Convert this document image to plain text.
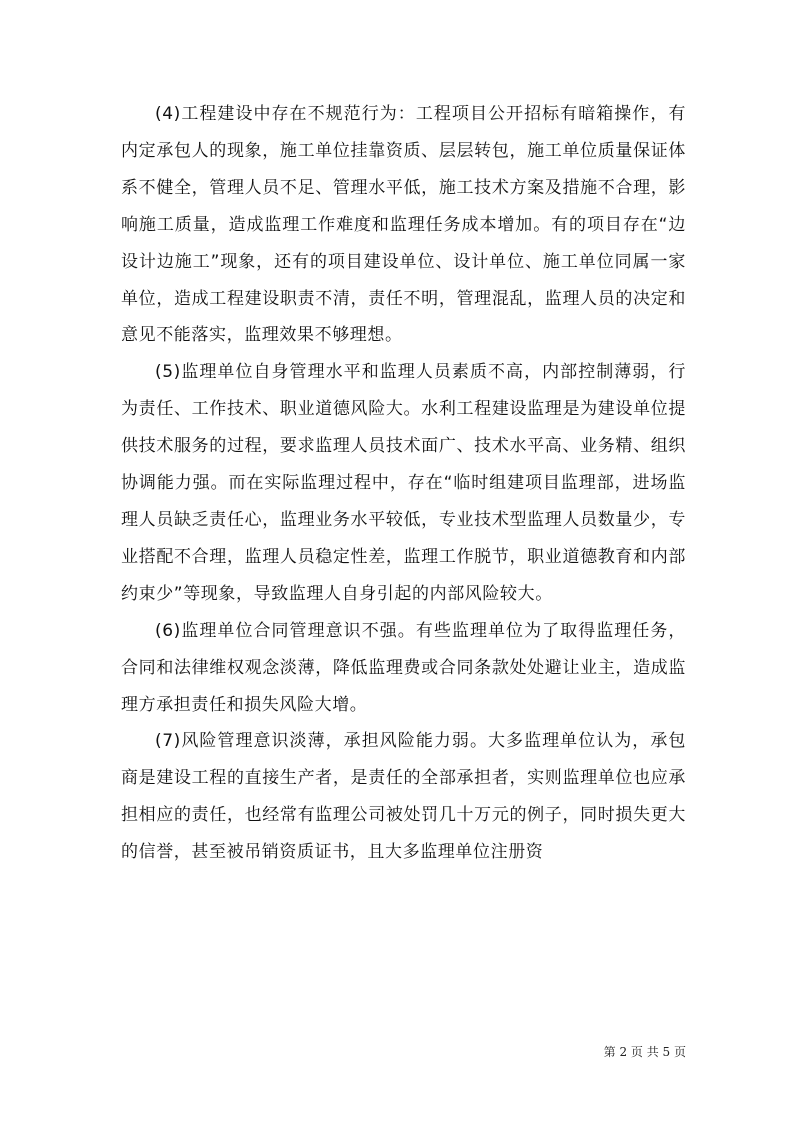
(4)工程建设中存在不规范行为：工程项目公开招标有暗箱操作，有内定承包人的现象，施工单位挂靠资质、层层转包，施工单位质量保证体系不健全，管理人员不足、管理水平低，施工技术方案及措施不合理，影响施工质量，造成监理工作难度和监理任务成本增加。有的项目存在“边设计边施工”现象，还有的项目建设单位、设计单位、施工单位同属一家单位，造成工程建设职责不清，责任不明，管理混乱，监理人员的决定和意见不能落实，监理效果不够理想。

(5)监理单位自身管理水平和监理人员素质不高，内部控制薄弱，行为责任、工作技术、职业道德风险大。水利工程建设监理是为建设单位提供技术服务的过程，要求监理人员技术面广、技术水平高、业务精、组织协调能力强。而在实际监理过程中，存在“临时组建项目监理部，进场监理人员缺乏责任心，监理业务水平较低，专业技术型监理人员数量少，专业搭配不合理，监理人员稳定性差，监理工作脱节，职业道德教育和内部约束少”等现象，导致监理人自身引起的内部风险较大。

(6)监理单位合同管理意识不强。有些监理单位为了取得监理任务，合同和法律维权观念淡薄，降低监理费或合同条款处处避让业主，造成监理方承担责任和损失风险大增。

(7)风险管理意识淡薄，承担风险能力弱。大多监理单位认为，承包商是建设工程的直接生产者，是责任的全部承担者，实则监理单位也应承担相应的责任，也经常有监理公司被处罚几十万元的例子，同时损失更大的信誉，甚至被吊销资质证书，且大多监理单位注册资

第 2 页 共 5 页
